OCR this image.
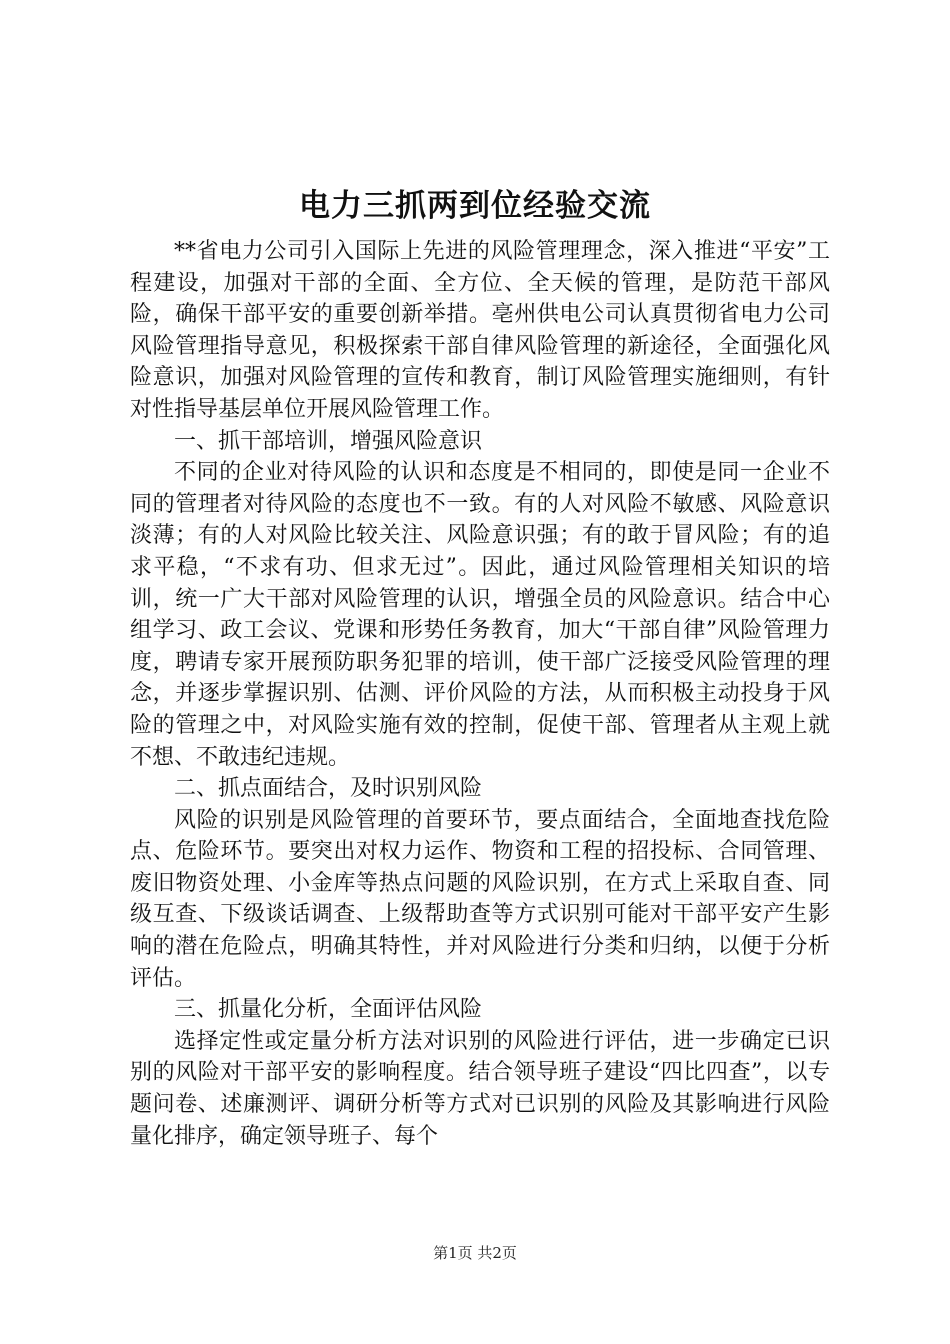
电力三抓两到位经验交流

**省电力公司引入国际上先进的风险管理理念，深入推进“平安”工程建设，加强对干部的全面、全方位、全天候的管理，是防范干部风险，确保干部平安的重要创新举措。亳州供电公司认真贯彻省电力公司风险管理指导意见，积极探索干部自律风险管理的新途径，全面强化风险意识，加强对风险管理的宣传和教育，制订风险管理实施细则，有针对性指导基层单位开展风险管理工作。

一、抓干部培训，增强风险意识

不同的企业对待风险的认识和态度是不相同的，即使是同一企业不同的管理者对待风险的态度也不一致。有的人对风险不敏感、风险意识淡薄；有的人对风险比较关注、风险意识强；有的敢于冒风险；有的追求平稳，“不求有功、但求无过”。因此，通过风险管理相关知识的培训，统一广大干部对风险管理的认识，增强全员的风险意识。结合中心组学习、政工会议、党课和形势任务教育，加大“干部自律”风险管理力度，聘请专家开展预防职务犯罪的培训，使干部广泛接受风险管理的理念，并逐步掌握识别、估测、评价风险的方法，从而积极主动投身于风险的管理之中，对风险实施有效的控制，促使干部、管理者从主观上就不想、不敢违纪违规。

二、抓点面结合，及时识别风险

风险的识别是风险管理的首要环节，要点面结合，全面地查找危险点、危险环节。要突出对权力运作、物资和工程的招投标、合同管理、废旧物资处理、小金库等热点问题的风险识别，在方式上采取自查、同级互查、下级谈话调查、上级帮助查等方式识别可能对干部平安产生影响的潜在危险点，明确其特性，并对风险进行分类和归纳，以便于分析评估。

三、抓量化分析，全面评估风险

选择定性或定量分析方法对识别的风险进行评估，进一步确定已识别的风险对干部平安的影响程度。结合领导班子建设“四比四查”，以专题问卷、述廉测评、调研分析等方式对已识别的风险及其影响进行风险量化排序，确定领导班子、每个

第1页 共2页
